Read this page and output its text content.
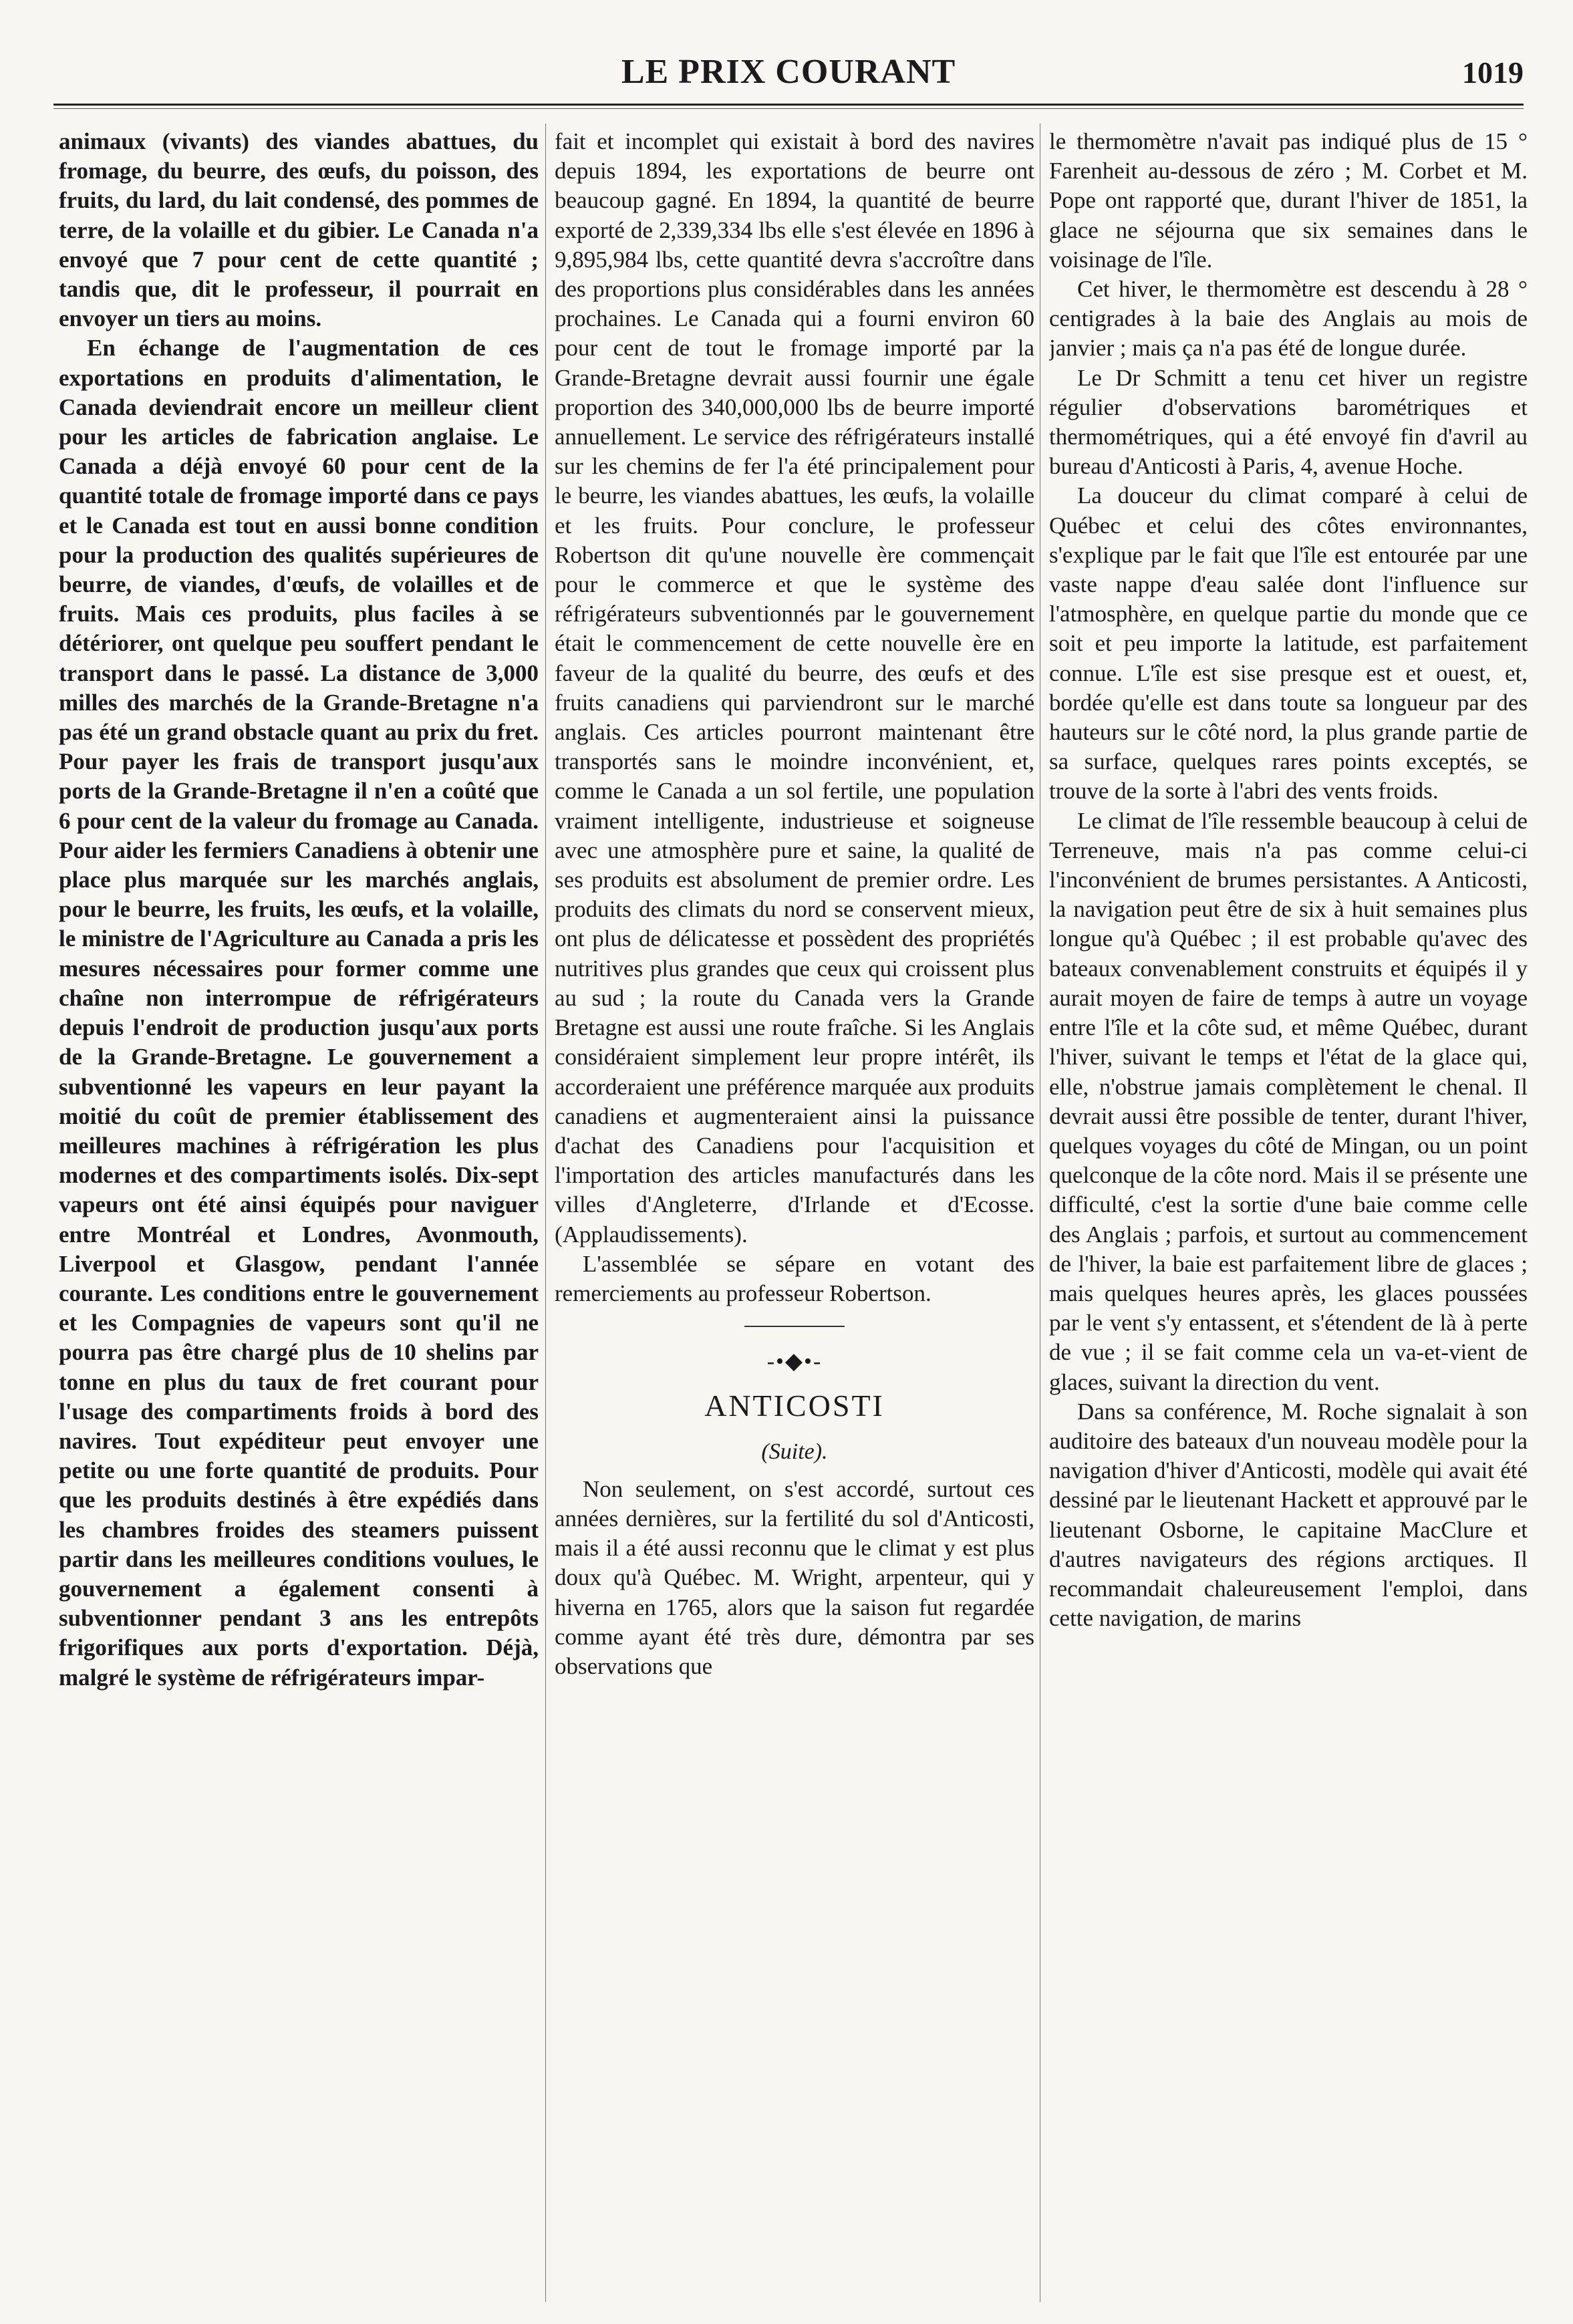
LE PRIX COURANT	1019

animaux (vivants) des viandes abattues, du fromage, du beurre, des œufs, du poisson, des fruits, du lard, du lait condensé, des pommes de terre, de la volaille et du gibier. Le Canada n'a envoyé que 7 pour cent de cette quantité ; tandis que, dit le professeur, il pourrait en envoyer un tiers au moins.

En échange de l'augmentation de ces exportations en produits d'alimentation, le Canada deviendrait encore un meilleur client pour les articles de fabrication anglaise. Le Canada a déjà envoyé 60 pour cent de la quantité totale de fromage importé dans ce pays et le Canada est tout en aussi bonne condition pour la production des qualités supérieures de beurre, de viandes, d'œufs, de volailles et de fruits. Mais ces produits, plus faciles à se détériorer, ont quelque peu souffert pendant le transport dans le passé. La distance de 3,000 milles des marchés de la Grande-Bretagne n'a pas été un grand obstacle quant au prix du fret. Pour payer les frais de transport jusqu'aux ports de la Grande-Bretagne il n'en a coûté que 6 pour cent de la valeur du fromage au Canada. Pour aider les fermiers Canadiens à obtenir une place plus marquée sur les marchés anglais, pour le beurre, les fruits, les œufs, et la volaille, le ministre de l'Agriculture au Canada a pris les mesures nécessaires pour former comme une chaîne non interrompue de réfrigérateurs depuis l'endroit de production jusqu'aux ports de la Grande-Bretagne. Le gouvernement a subventionné les vapeurs en leur payant la moitié du coût de premier établissement des meilleures machines à réfrigération les plus modernes et des compartiments isolés. Dix-sept vapeurs ont été ainsi équipés pour naviguer entre Montréal et Londres, Avonmouth, Liverpool et Glasgow, pendant l'année courante. Les conditions entre le gouvernement et les Compagnies de vapeurs sont qu'il ne pourra pas être chargé plus de 10 shelins par tonne en plus du taux de fret courant pour l'usage des compartiments froids à bord des navires. Tout expéditeur peut envoyer une petite ou une forte quantité de produits. Pour que les produits destinés à être expédiés dans les chambres froides des steamers puissent partir dans les meilleures conditions voulues, le gouvernement a également consenti à subventionner pendant 3 ans les entrepôts frigorifiques aux ports d'exportation. Déjà, malgré le système de réfrigérateurs impar-

fait et incomplet qui existait à bord des navires depuis 1894, les exportations de beurre ont beaucoup gagné. En 1894, la quantité de beurre exporté de 2,339,334 lbs elle s'est élevée en 1896 à 9,895,984 lbs, cette quantité devra s'accroître dans des proportions plus considérables dans les années prochaines. Le Canada qui a fourni environ 60 pour cent de tout le fromage importé par la Grande-Bretagne devrait aussi fournir une égale proportion des 340,000,000 lbs de beurre importé annuellement. Le service des réfrigérateurs installé sur les chemins de fer l'a été principalement pour le beurre, les viandes abattues, les œufs, la volaille et les fruits. Pour conclure, le professeur Robertson dit qu'une nouvelle ère commençait pour le commerce et que le système des réfrigérateurs subventionnés par le gouvernement était le commencement de cette nouvelle ère en faveur de la qualité du beurre, des œufs et des fruits canadiens qui parviendront sur le marché anglais. Ces articles pourront maintenant être transportés sans le moindre inconvénient, et, comme le Canada a un sol fertile, une population vraiment intelligente, industrieuse et soigneuse avec une atmosphère pure et saine, la qualité de ses produits est absolument de premier ordre. Les produits des climats du nord se conservent mieux, ont plus de délicatesse et possèdent des propriétés nutritives plus grandes que ceux qui croissent plus au sud ; la route du Canada vers la Grande Bretagne est aussi une route fraîche. Si les Anglais considéraient simplement leur propre intérêt, ils accorderaient une préférence marquée aux produits canadiens et augmenteraient ainsi la puissance d'achat des Canadiens pour l'acquisition et l'importation des articles manufacturés dans les villes d'Angleterre, d'Irlande et d'Ecosse. (Applaudissements).

L'assemblée se sépare en votant des remerciements au professeur Robertson.

-•◆•-
ANTICOSTI
(Suite).

Non seulement, on s'est accordé, surtout ces années dernières, sur la fertilité du sol d'Anticosti, mais il a été aussi reconnu que le climat y est plus doux qu'à Québec. M. Wright, arpenteur, qui y hiverna en 1765, alors que la saison fut regardée comme ayant été très dure, démontra par ses observations que

le thermomètre n'avait pas indiqué plus de 15 ° Farenheit au-dessous de zéro ; M. Corbet et M. Pope ont rapporté que, durant l'hiver de 1851, la glace ne séjourna que six semaines dans le voisinage de l'île.

Cet hiver, le thermomètre est descendu à 28 ° centigrades à la baie des Anglais au mois de janvier ; mais ça n'a pas été de longue durée.

Le Dr Schmitt a tenu cet hiver un registre régulier d'observations barométriques et thermométriques, qui a été envoyé fin d'avril au bureau d'Anticosti à Paris, 4, avenue Hoche.

La douceur du climat comparé à celui de Québec et celui des côtes environnantes, s'explique par le fait que l'île est entourée par une vaste nappe d'eau salée dont l'influence sur l'atmosphère, en quelque partie du monde que ce soit et peu importe la latitude, est parfaitement connue. L'île est sise presque est et ouest, et, bordée qu'elle est dans toute sa longueur par des hauteurs sur le côté nord, la plus grande partie de sa surface, quelques rares points exceptés, se trouve de la sorte à l'abri des vents froids.

Le climat de l'île ressemble beaucoup à celui de Terreneuve, mais n'a pas comme celui-ci l'inconvénient de brumes persistantes. A Anticosti, la navigation peut être de six à huit semaines plus longue qu'à Québec ; il est probable qu'avec des bateaux convenablement construits et équipés il y aurait moyen de faire de temps à autre un voyage entre l'île et la côte sud, et même Québec, durant l'hiver, suivant le temps et l'état de la glace qui, elle, n'obstrue jamais complètement le chenal. Il devrait aussi être possible de tenter, durant l'hiver, quelques voyages du côté de Mingan, ou un point quelconque de la côte nord. Mais il se présente une difficulté, c'est la sortie d'une baie comme celle des Anglais ; parfois, et surtout au commencement de l'hiver, la baie est parfaitement libre de glaces ; mais quelques heures après, les glaces poussées par le vent s'y entassent, et s'étendent de là à perte de vue ; il se fait comme cela un va-et-vient de glaces, suivant la direction du vent.

Dans sa conférence, M. Roche signalait à son auditoire des bateaux d'un nouveau modèle pour la navigation d'hiver d'Anticosti, modèle qui avait été dessiné par le lieutenant Hackett et approuvé par le lieutenant Osborne, le capitaine MacClure et d'autres navigateurs des régions arctiques. Il recommandait chaleureusement l'emploi, dans cette navigation, de marins
